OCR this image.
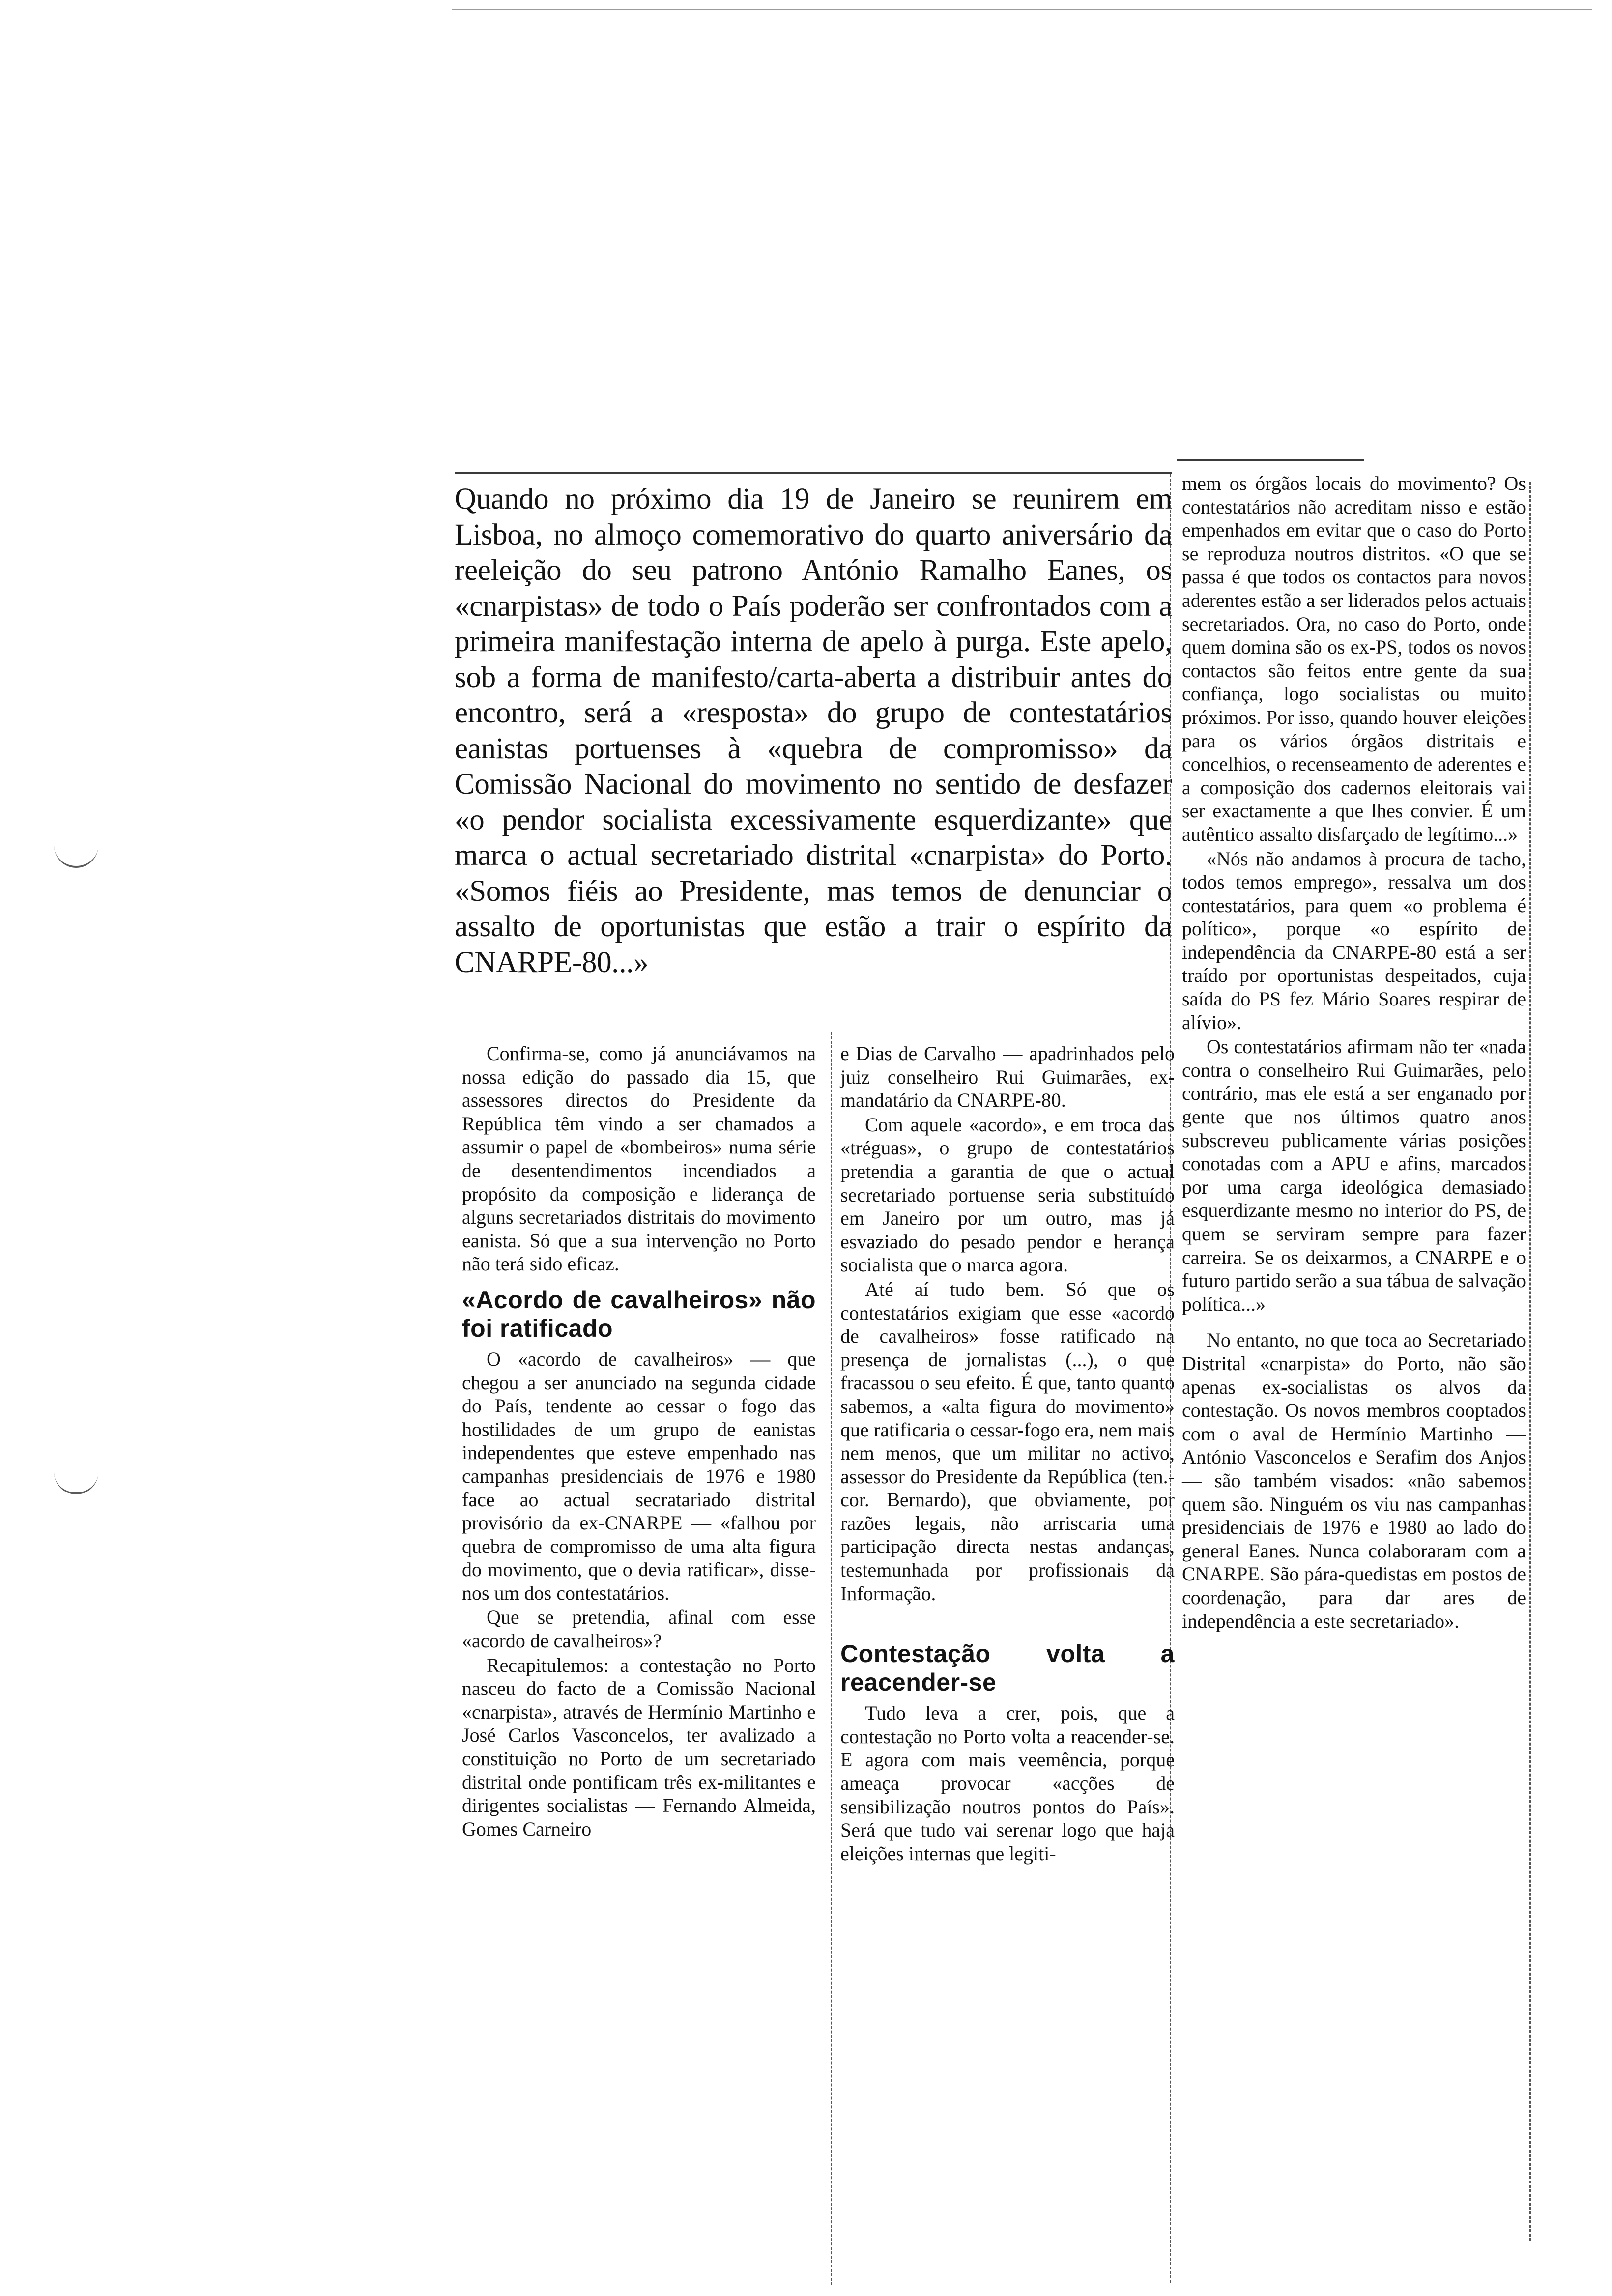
Quando no próximo dia 19 de Janeiro se reunirem em Lisboa, no almoço comemorativo do quarto aniversário da reeleição do seu patrono António Ramalho Eanes, os «cnarpistas» de todo o País poderão ser confrontados com a primeira manifestação interna de apelo à purga. Este apelo, sob a forma de manifesto/carta-aberta a distribuir antes do encontro, será a «resposta» do grupo de contestatários eanistas portuenses à «quebra de compromisso» da Comissão Nacional do movimento no sentido de desfazer «o pendor socialista excessivamente esquerdizante» que marca o actual secretariado distrital «cnarpista» do Porto. «Somos fiéis ao Presidente, mas temos de denunciar o assalto de oportunistas que estão a trair o espírito da CNARPE-80...»

Confirma-se, como já anunciávamos na nossa edição do passado dia 15, que assessores directos do Presidente da República têm vindo a ser chamados a assumir o papel de «bombeiros» numa série de desentendimentos incendiados a propósito da composição e liderança de alguns secretariados distritais do movimento eanista. Só que a sua intervenção no Porto não terá sido eficaz.

«Acordo de cavalheiros» não foi ratificado

O «acordo de cavalheiros» — que chegou a ser anunciado na segunda cidade do País, tendente ao cessar o fogo das hostilidades de um grupo de eanistas independentes que esteve empenhado nas campanhas presidenciais de 1976 e 1980 face ao actual secratariado distrital provisório da ex-CNARPE — «falhou por quebra de compromisso de uma alta figura do movimento, que o devia ratificar», disse-nos um dos contestatários.

Que se pretendia, afinal com esse «acordo de cavalheiros»?

Recapitulemos: a contestação no Porto nasceu do facto de a Comissão Nacional «cnarpista», através de Hermínio Martinho e José Carlos Vasconcelos, ter avalizado a constituição no Porto de um secretariado distrital onde pontificam três ex-militantes e dirigentes socialistas — Fernando Almeida, Gomes Carneiro

e Dias de Carvalho — apadrinhados pelo juiz conselheiro Rui Guimarães, ex-mandatário da CNARPE-80.

Com aquele «acordo», e em troca das «tréguas», o grupo de contestatários pretendia a garantia de que o actual secretariado portuense seria substituído em Janeiro por um outro, mas já esvaziado do pesado pendor e herança socialista que o marca agora.

Até aí tudo bem. Só que os contestatários exigiam que esse «acordo de cavalheiros» fosse ratificado na presença de jornalistas (...), o que fracassou o seu efeito. É que, tanto quanto sabemos, a «alta figura do movimento» que ratificaria o cessar-fogo era, nem mais nem menos, que um militar no activo, assessor do Presidente da República (ten.-cor. Bernardo), que obviamente, por razões legais, não arriscaria uma participação directa nestas andanças, testemunhada por profissionais da Informação.

Contestação volta a reacender-se

Tudo leva a crer, pois, que a contestação no Porto volta a reacender-se. E agora com mais veemência, porque ameaça provocar «acções de sensibilização noutros pontos do País». Será que tudo vai serenar logo que haja eleições internas que legiti-

mem os órgãos locais do movimento? Os contestatários não acreditam nisso e estão empenhados em evitar que o caso do Porto se reproduza noutros distritos. «O que se passa é que todos os contactos para novos aderentes estão a ser liderados pelos actuais secretariados. Ora, no caso do Porto, onde quem domina são os ex-PS, todos os novos contactos são feitos entre gente da sua confiança, logo socialistas ou muito próximos. Por isso, quando houver eleições para os vários órgãos distritais e concelhios, o recenseamento de aderentes e a composição dos cadernos eleitorais vai ser exactamente a que lhes convier. É um autêntico assalto disfarçado de legítimo...»

«Nós não andamos à procura de tacho, todos temos emprego», ressalva um dos contestatários, para quem «o problema é político», porque «o espírito de independência da CNARPE-80 está a ser traído por oportunistas despeitados, cuja saída do PS fez Mário Soares respirar de alívio».

Os contestatários afirmam não ter «nada contra o conselheiro Rui Guimarães, pelo contrário, mas ele está a ser enganado por gente que nos últimos quatro anos subscreveu publicamente várias posições conotadas com a APU e afins, marcados por uma carga ideológica demasiado esquerdizante mesmo no interior do PS, de quem se serviram sempre para fazer carreira. Se os deixarmos, a CNARPE e o futuro partido serão a sua tábua de salvação política...»

No entanto, no que toca ao Secretariado Distrital «cnarpista» do Porto, não são apenas ex-socialistas os alvos da contestação. Os novos membros cooptados com o aval de Hermínio Martinho — António Vasconcelos e Serafim dos Anjos — são também visados: «não sabemos quem são. Ninguém os viu nas campanhas presidenciais de 1976 e 1980 ao lado do general Eanes. Nunca colaboraram com a CNARPE. São pára-quedistas em postos de coordenação, para dar ares de independência a este secretariado».
